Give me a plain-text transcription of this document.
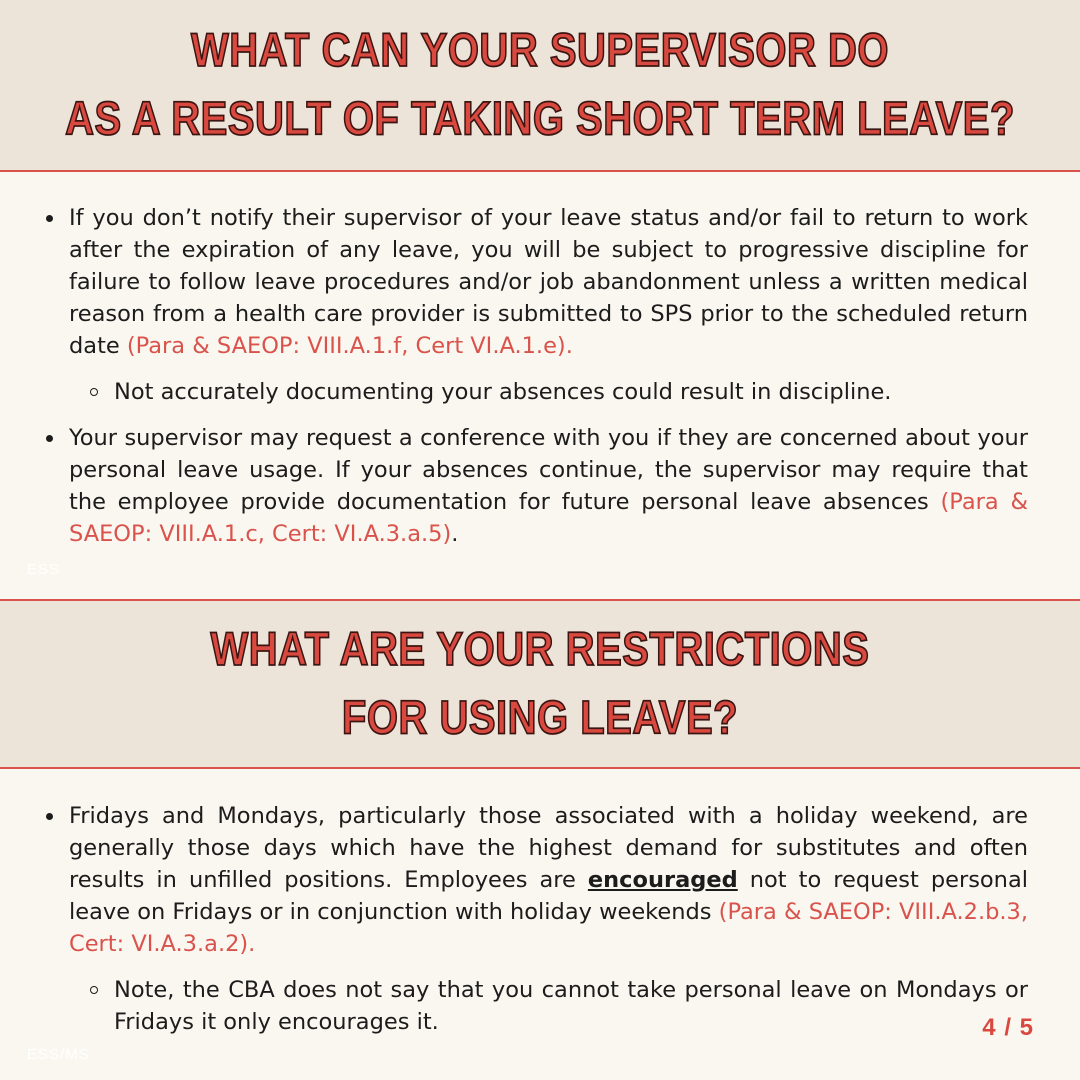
WHAT CAN YOUR SUPERVISOR DO
AS A RESULT OF TAKING SHORT TERM LEAVE?
If you don’t notify their supervisor of your leave status and/or fail to return to work after the expiration of any leave, you will be subject to progressive discipline for failure to follow leave procedures and/or job abandonment unless a written medical reason from a health care provider is submitted to SPS prior to the scheduled return date (Para & SAEOP: VIII.A.1.f, Cert VI.A.1.e).
Not accurately documenting your absences could result in discipline.
Your supervisor may request a conference with you if they are concerned about your personal leave usage. If your absences continue, the supervisor may require that the employee provide documentation for future personal leave absences (Para & SAEOP: VIII.A.1.c, Cert: VI.A.3.a.5).
ESS
WHAT ARE YOUR RESTRICTIONS
FOR USING LEAVE?
Fridays and Mondays, particularly those associated with a holiday weekend, are generally those days which have the highest demand for substitutes and often results in unfilled positions. Employees are encouraged not to request personal leave on Fridays or in conjunction with holiday weekends (Para & SAEOP: VIII.A.2.b.3, Cert: VI.A.3.a.2).
Note, the CBA does not say that you cannot take personal leave on Mondays or Fridays it only encourages it.
ESS/MS
4 / 5
